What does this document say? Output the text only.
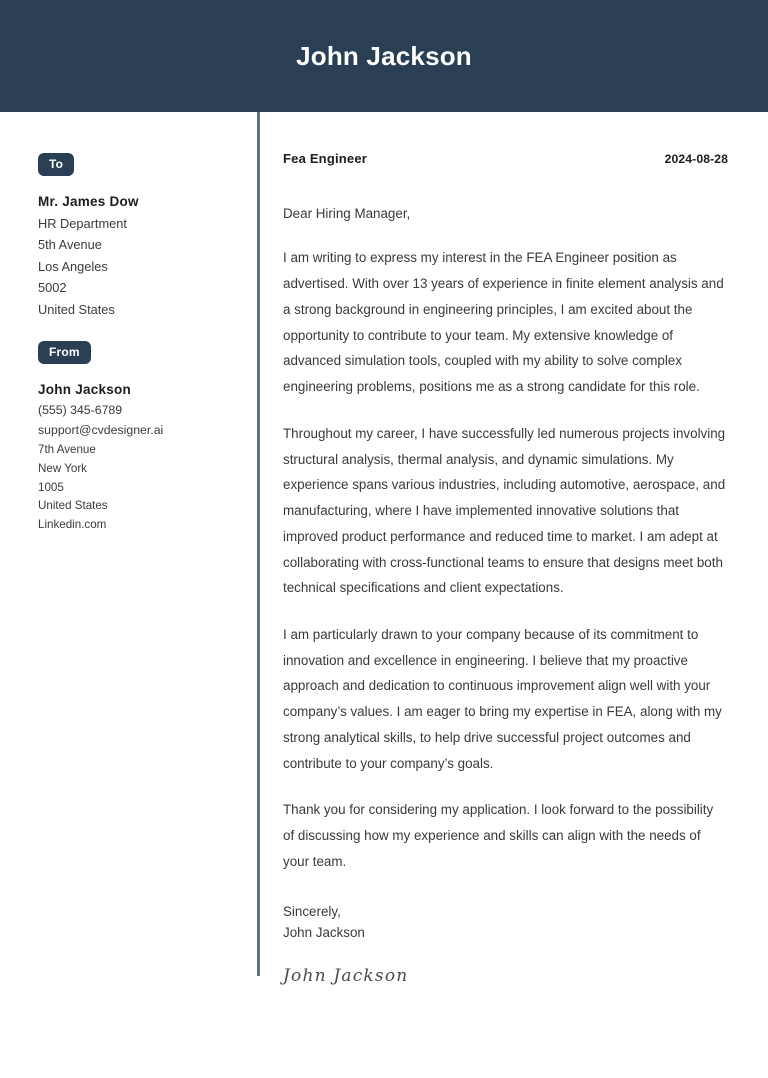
John Jackson
To
Mr. James Dow
HR Department
5th Avenue
Los Angeles
5002
United States
From
John Jackson
(555) 345-6789
support@cvdesigner.ai
7th Avenue
New York
1005
United States
Linkedin.com
Fea Engineer	2024-08-28
Dear Hiring Manager,
I am writing to express my interest in the FEA Engineer position as advertised. With over 13 years of experience in finite element analysis and a strong background in engineering principles, I am excited about the opportunity to contribute to your team. My extensive knowledge of advanced simulation tools, coupled with my ability to solve complex engineering problems, positions me as a strong candidate for this role.
Throughout my career, I have successfully led numerous projects involving structural analysis, thermal analysis, and dynamic simulations. My experience spans various industries, including automotive, aerospace, and manufacturing, where I have implemented innovative solutions that improved product performance and reduced time to market. I am adept at collaborating with cross-functional teams to ensure that designs meet both technical specifications and client expectations.
I am particularly drawn to your company because of its commitment to innovation and excellence in engineering. I believe that my proactive approach and dedication to continuous improvement align well with your company’s values. I am eager to bring my expertise in FEA, along with my strong analytical skills, to help drive successful project outcomes and contribute to your company’s goals.
Thank you for considering my application. I look forward to the possibility of discussing how my experience and skills can align with the needs of your team.
Sincerely,
John Jackson
John Jackson
